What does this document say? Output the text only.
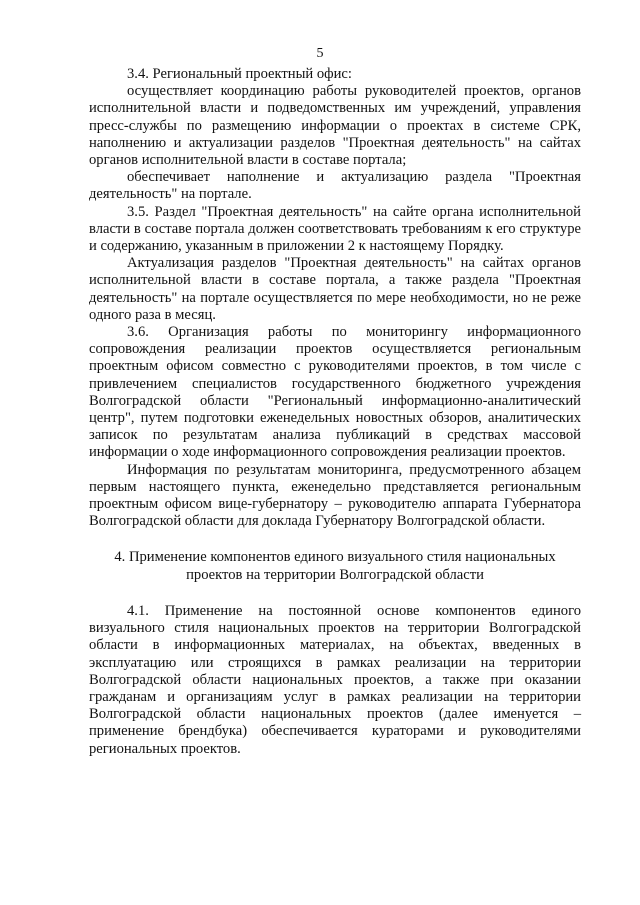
5

3.4. Региональный проектный офис:

осуществляет координацию работы руководителей проектов, органов исполнительной власти и подведомственных им учреждений, управления пресс-службы по размещению информации о проектах в системе СРК, наполнению и актуализации разделов "Проектная деятельность" на сайтах органов исполнительной власти в составе портала;

обеспечивает наполнение и актуализацию раздела "Проектная деятельность" на портале.

3.5. Раздел "Проектная деятельность" на сайте органа исполнительной власти в составе портала должен соответствовать требованиям к его структуре и содержанию, указанным в приложении 2 к настоящему Порядку.

Актуализация разделов "Проектная деятельность" на сайтах органов исполнительной власти в составе портала, а также раздела "Проектная деятельность" на портале осуществляется по мере необходимости, но не реже одного раза в месяц.

3.6. Организация работы по мониторингу информационного сопровождения реализации проектов осуществляется региональным проектным офисом совместно с руководителями проектов, в том числе с привлечением специалистов государственного бюджетного учреждения Волгоградской области "Региональный информационно-аналитический центр", путем подготовки еженедельных новостных обзоров, аналитических записок по результатам анализа публикаций в средствах массовой информации о ходе информационного сопровождения реализации проектов.

Информация по результатам мониторинга, предусмотренного абзацем первым настоящего пункта, еженедельно представляется региональным проектным офисом вице-губернатору – руководителю аппарата Губернатора Волгоградской области для доклада Губернатору Волгоградской области.

4. Применение компонентов единого визуального стиля национальных

проектов на территории Волгоградской области

4.1. Применение на постоянной основе компонентов единого визуального стиля национальных проектов на территории Волгоградской области в информационных материалах, на объектах, введенных в эксплуатацию или строящихся в рамках реализации на территории Волгоградской области национальных проектов, а также при оказании гражданам и организациям услуг в рамках реализации на территории Волгоградской области национальных проектов (далее именуется – применение брендбука) обеспечивается кураторами и руководителями региональных проектов.
